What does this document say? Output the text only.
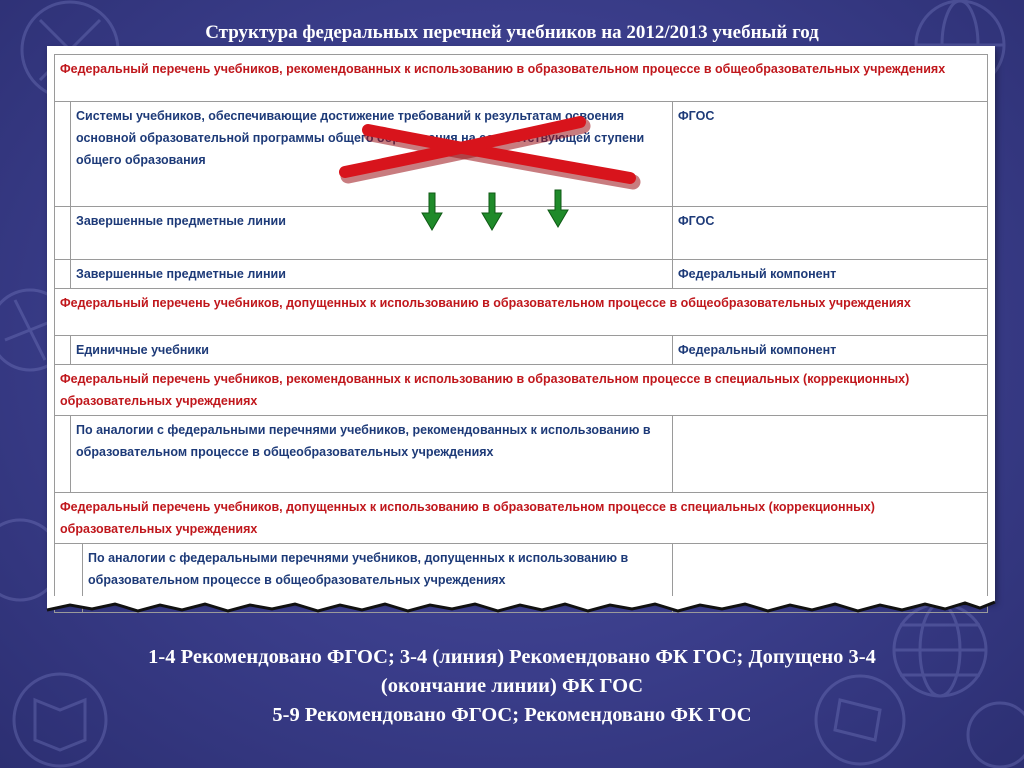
Структура федеральных перечней учебников на 2012/2013 учебный год
Федеральный перечень учебников, рекомендованных к использованию в образовательном процессе в общеобразовательных учреждениях			
	Системы учебников, обеспечивающие достижение требований к результатам освоения основной образовательной программы общего образования на соответствующей ступени общего образования		ФГОС
	Завершенные предметные линии		ФГОС
	Завершенные предметные линии		Федеральный компонент
Федеральный перечень учебников, допущенных к использованию в образовательном процессе в общеобразовательных учреждениях			
	Единичные учебники		Федеральный компонент
Федеральный перечень учебников, рекомендованных к использованию в образовательном процессе в специальных (коррекционных) образовательных учреждениях			
	По аналогии с федеральными перечнями учебников, рекомендованных к использованию в образовательном процессе в общеобразовательных учреждениях		
Федеральный перечень учебников, допущенных к использованию в образовательном процессе в специальных (коррекционных) образовательных учреждениях			
		По аналогии с федеральными перечнями учебников, допущенных к использованию в образовательном процессе в общеобразовательных учреждениях	
1-4 Рекомендовано ФГОС; 3-4 (линия) Рекомендовано ФК ГОС; Допущено 3-4
(окончание линии) ФК ГОС
5-9 Рекомендовано ФГОС; Рекомендовано ФК ГОС
